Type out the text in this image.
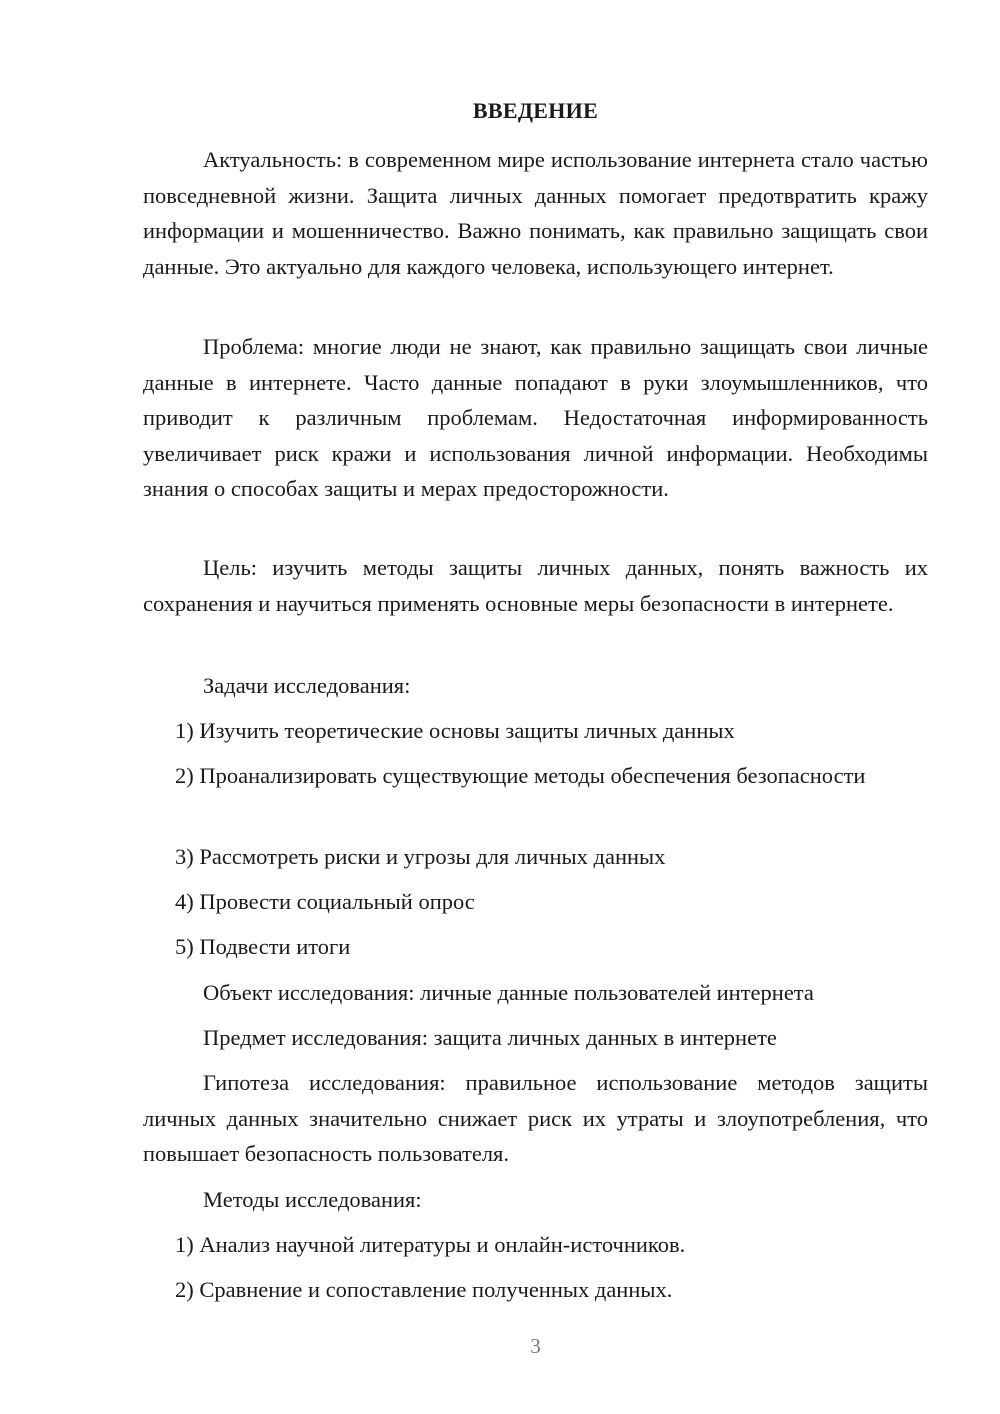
ВВЕДЕНИЕ

Актуальность: в современном мире использование интернета стало частью повседневной жизни. Защита личных данных помогает предотвратить кражу информации и мошенничество. Важно понимать, как правильно защищать свои данные. Это актуально для каждого человека, использующего интернет.

Проблема: многие люди не знают, как правильно защищать свои личные данные в интернете. Часто данные попадают в руки злоумышленников, что приводит к различным проблемам. Недостаточная информированность увеличивает риск кражи и использования личной информации. Необходимы знания о способах защиты и мерах предосторожности.

Цель: изучить методы защиты личных данных, понять важность их сохранения и научиться применять основные меры безопасности в интернете.

Задачи исследования:
1) Изучить теоретические основы защиты личных данных
2) Проанализировать существующие методы обеспечения безопасности
3) Рассмотреть риски и угрозы для личных данных
4) Провести социальный опрос
5) Подвести итоги
Объект исследования: личные данные пользователей интернета
Предмет исследования: защита личных данных в интернете

Гипотеза исследования: правильное использование методов защиты личных данных значительно снижает риск их утраты и злоупотребления, что повышает безопасность пользователя.

Методы исследования:
1) Анализ научной литературы и онлайн-источников.
2) Сравнение и сопоставление полученных данных.
3
